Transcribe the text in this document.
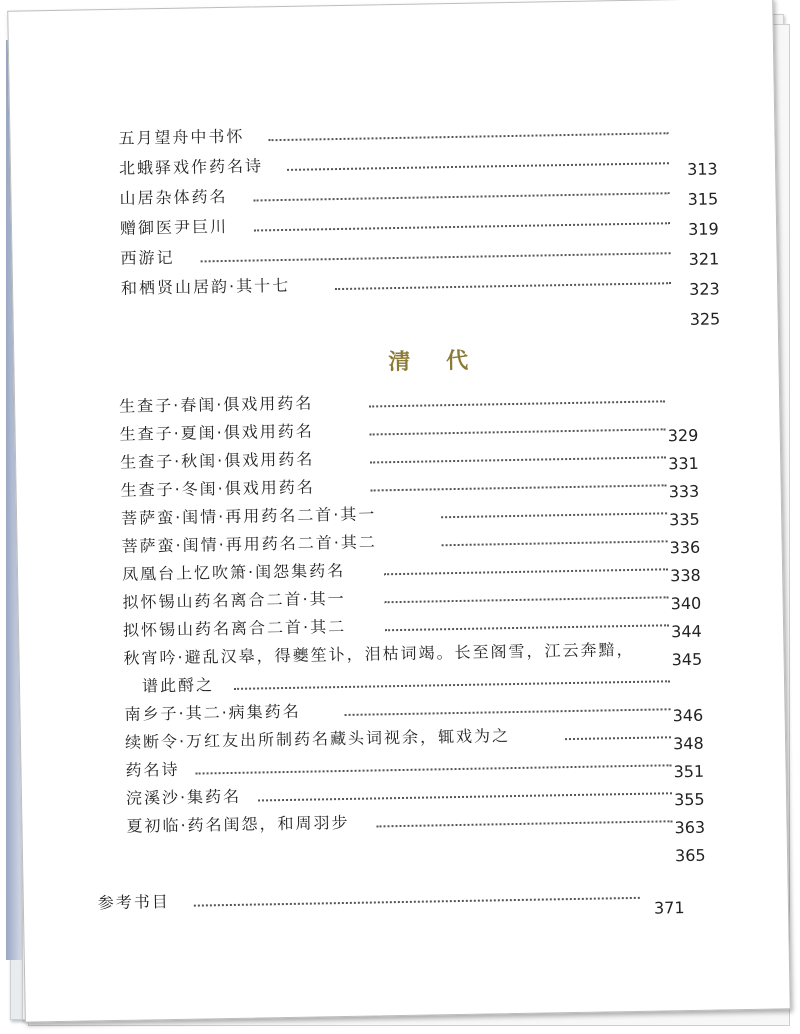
五月望舟中书怀
北蛾驿戏作药名诗
山居杂体药名
赠御医尹巨川
西游记
和栖贤山居韵·其十七
313
315
319
321
323
325
清 代
生查子·春闺·俱戏用药名
生查子·夏闺·俱戏用药名
生查子·秋闺·俱戏用药名
生查子·冬闺·俱戏用药名
菩萨蛮·闺情·再用药名二首·其一
菩萨蛮·闺情·再用药名二首·其二
凤凰台上忆吹箫·闺怨集药名
拟怀锡山药名离合二首·其一
拟怀锡山药名离合二首·其二
秋宵吟·避乱汉皋，得夔笙讣，泪枯词竭。长至阁雪，江云奔黯，
谱此酹之
南乡子·其二·病集药名
续断令·万红友出所制药名藏头词视余，辄戏为之
药名诗
浣溪沙·集药名
夏初临·药名闺怨，和周羽步
329
331
333
335
336
338
340
344
345
346
348
351
355
363
365
参考书目	371
